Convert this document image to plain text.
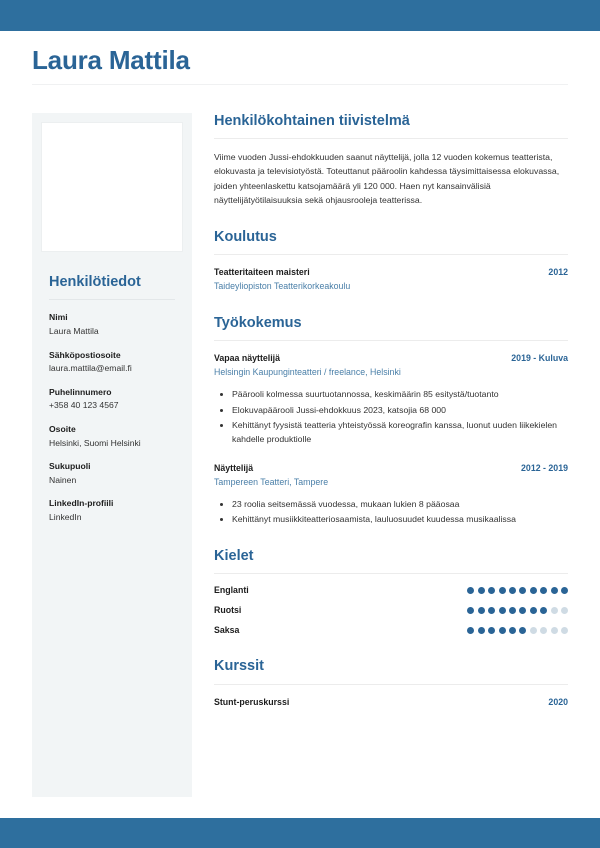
Laura Mattila
Henkilötiedot
Nimi
Laura Mattila
Sähköpostiosoite
laura.mattila@email.fi
Puhelinnumero
+358 40 123 4567
Osoite
Helsinki, Suomi Helsinki
Sukupuoli
Nainen
LinkedIn-profiili
LinkedIn
Henkilökohtainen tiivistelmä

Viime vuoden Jussi-ehdokkuuden saanut näyttelijä, jolla 12 vuoden kokemus teatterista, elokuvasta ja televisiotyöstä. Toteuttanut pääroolin kahdessa täysimittaisessa elokuvassa, joiden yhteenlaskettu katsojamäärä yli 120 000. Haen nyt kansainvälisiä näyttelijätyötilaisuuksia sekä ohjausrooleja teatterissa.

Koulutus
Teatteritaiteen maisteri	2012
Taideyliopiston Teatterikorkeakoulu
Työkokemus
Vapaa näyttelijä	2019 - Kuluva
Helsingin Kaupunginteatteri / freelance, Helsinki
• Päärooli kolmessa suurtuotannossa, keskimäärin 85 esitystä/tuotanto
• Elokuvapäärooli Jussi-ehdokkuus 2023, katsojia 68 000
• Kehittänyt fyysistä teatteria yhteistyössä koreografin kanssa, luonut uuden liikekielen kahdelle produktiolle
Näyttelijä	2012 - 2019
Tampereen Teatteri, Tampere
• 23 roolia seitsemässä vuodessa, mukaan lukien 8 pääosaa
• Kehittänyt musiikkiteatteriosaamista, lauluosuudet kuudessa musikaalissa
Kielet
Englanti
Ruotsi
Saksa
Kurssit
Stunt-peruskurssi	2020
